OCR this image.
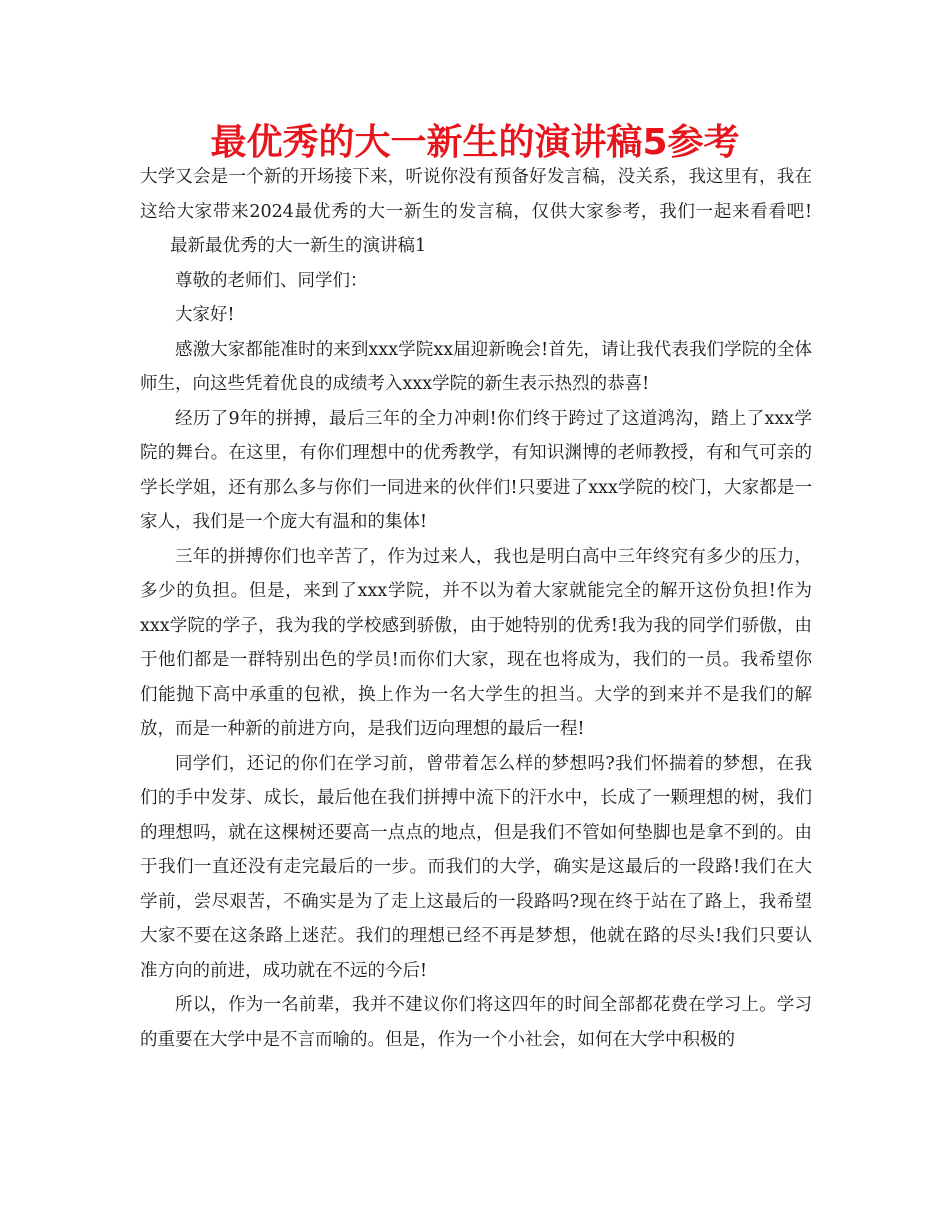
最优秀的大一新生的演讲稿5参考

大学又会是一个新的开场接下来，听说你没有预备好发言稿，没关系，我这里有，我在这给大家带来2024最优秀的大一新生的发言稿，仅供大家参考，我们一起来看看吧!最新最优秀的大一新生的演讲稿1

尊敬的老师们、同学们：

大家好!

感激大家都能准时的来到xxx学院xx届迎新晚会!首先，请让我代表我们学院的全体师生，向这些凭着优良的成绩考入xxx学院的新生表示热烈的恭喜!

经历了9年的拼搏，最后三年的全力冲刺!你们终于跨过了这道鸿沟，踏上了xxx学院的舞台。在这里，有你们理想中的优秀教学，有知识渊博的老师教授，有和气可亲的学长学姐，还有那么多与你们一同进来的伙伴们!只要进了xxx学院的校门，大家都是一家人，我们是一个庞大有温和的集体!

三年的拼搏你们也辛苦了，作为过来人，我也是明白高中三年终究有多少的压力，多少的负担。但是，来到了xxx学院，并不以为着大家就能完全的解开这份负担!作为xxx学院的学子，我为我的学校感到骄傲，由于她特别的优秀!我为我的同学们骄傲，由于他们都是一群特别出色的学员!而你们大家，现在也将成为，我们的一员。我希望你们能抛下高中承重的包袱，换上作为一名大学生的担当。大学的到来并不是我们的解放，而是一种新的前进方向，是我们迈向理想的最后一程!

同学们，还记的你们在学习前，曾带着怎么样的梦想吗?我们怀揣着的梦想，在我们的手中发芽、成长，最后他在我们拼搏中流下的汗水中，长成了一颗理想的树，我们的理想吗，就在这棵树还要高一点点的地点，但是我们不管如何垫脚也是拿不到的。由于我们一直还没有走完最后的一步。而我们的大学，确实是这最后的一段路!我们在大学前，尝尽艰苦，不确实是为了走上这最后的一段路吗?现在终于站在了路上，我希望大家不要在这条路上迷茫。我们的理想已经不再是梦想，他就在路的尽头!我们只要认准方向的前进，成功就在不远的今后!

所以，作为一名前辈，我并不建议你们将这四年的时间全部都花费在学习上。学习的重要在大学中是不言而喻的。但是，作为一个小社会，如何在大学中积极的
